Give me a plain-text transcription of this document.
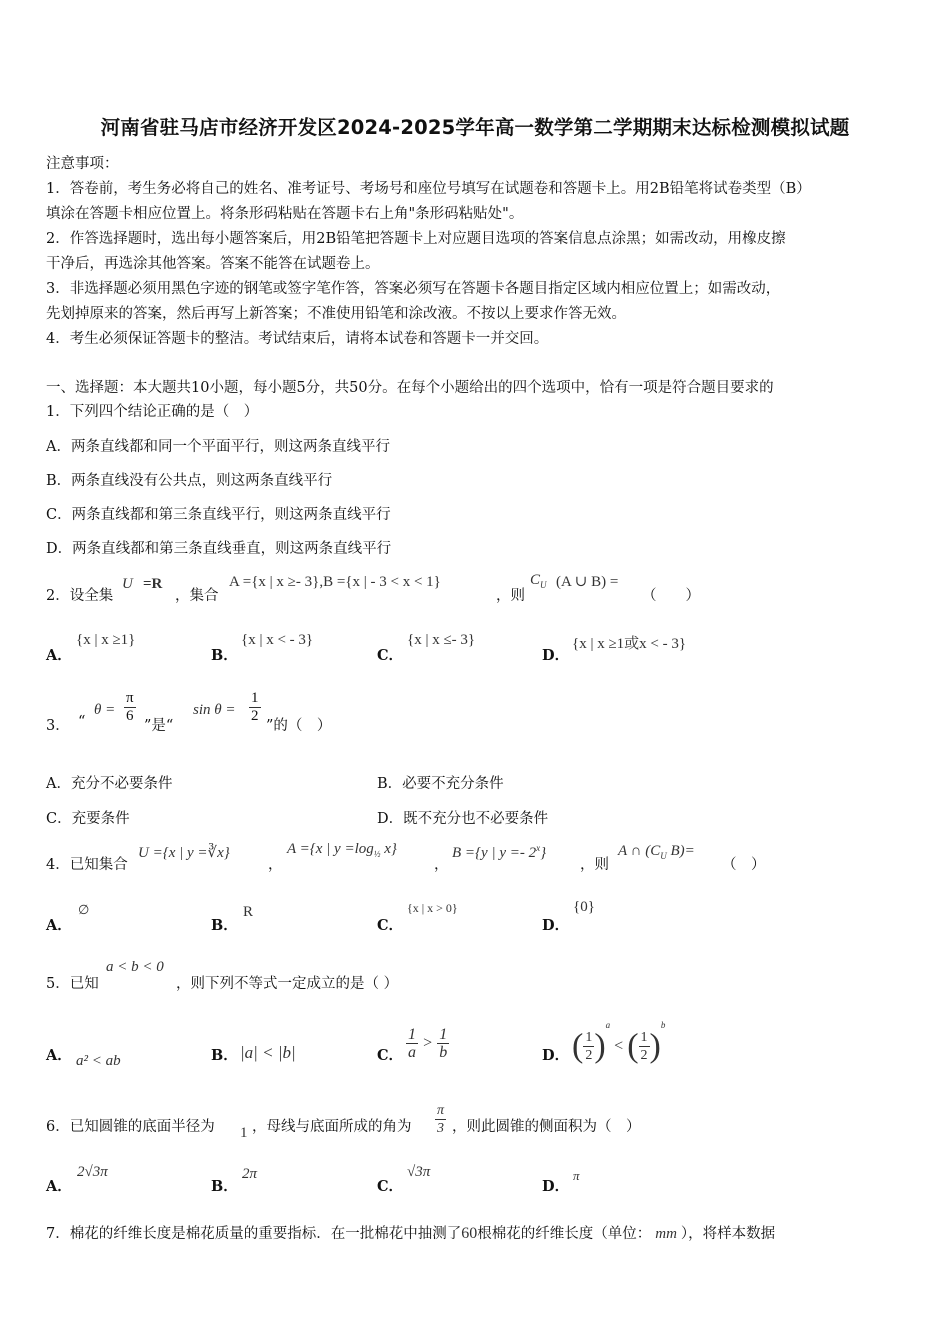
河南省驻马店市经济开发区2024-2025学年高一数学第二学期期末达标检测模拟试题
注意事项：
1．答卷前，考生务必将自己的姓名、准考证号、考场号和座位号填写在试题卷和答题卡上。用2B铅笔将试卷类型（B）
填涂在答题卡相应位置上。将条形码粘贴在答题卡右上角"条形码粘贴处"。
2．作答选择题时，选出每小题答案后，用2B铅笔把答题卡上对应题目选项的答案信息点涂黑；如需改动，用橡皮擦
干净后，再选涂其他答案。答案不能答在试题卷上。
3．非选择题必须用黑色字迹的钢笔或签字笔作答，答案必须写在答题卡各题目指定区域内相应位置上；如需改动，
先划掉原来的答案，然后再写上新答案；不准使用铅笔和涂改液。不按以上要求作答无效。
4．考生必须保证答题卡的整洁。考试结束后，请将本试卷和答题卡一并交回。
一、选择题：本大题共10小题，每小题5分，共50分。在每个小题给出的四个选项中，恰有一项是符合题目要求的
1．下列四个结论正确的是（　）
A．两条直线都和同一个平面平行，则这两条直线平行
B．两条直线没有公共点，则这两条直线平行
C．两条直线都和第三条直线平行，则这两条直线平行
D．两条直线都和第三条直线垂直，则这两条直线平行
2．设全集
U =R
，集合
A ={x | x ≥- 3},B ={x | - 3 < x < 1}
，则
$C_U$ (A ∪ B) =
（　　）
A．
{x | x ≥1}
B．
{x | x < - 3}
C．
{x | x ≤- 3}
D．
{x | x ≥1或x < - 3}
3． “
$\theta = \frac{\pi}{6}$
”是“
$\sin \theta = \frac{1}{2}$
”的（　）
A．充分不必要条件	B．必要不充分条件
C．充要条件	D．既不充分也不必要条件
4．已知集合
U ={x | y =∛x}
，
A ={x | $y =\log_{\frac{1}{2}}$ x}
，
B ={y | y =- 2$^x$}
，则
A ∩ ($C_U$ B)=
（　）
A．
∅
B．
R
C．
{x | x > 0}
D．
{0}
5．已知
a < b < 0
，则下列不等式一定成立的是（ ）
A． a² < ab	B． |a| < |b|	C． $\frac{1}{a} > \frac{1}{b}$	D． ( $\frac{1}{2} )^a$ < ( $\frac{1}{2} )^b$
6．已知圆锥的底面半径为 1 ，母线与底面所成的角为 $\frac{\pi}{3}$ ，则此圆锥的侧面积为（　）
A．
2√3π
B．
2π
C．
√3π
D．
π
7．棉花的纤维长度是棉花质量的重要指标．在一批棉花中抽测了60根棉花的纤维长度（单位： mm ），将样本数据
